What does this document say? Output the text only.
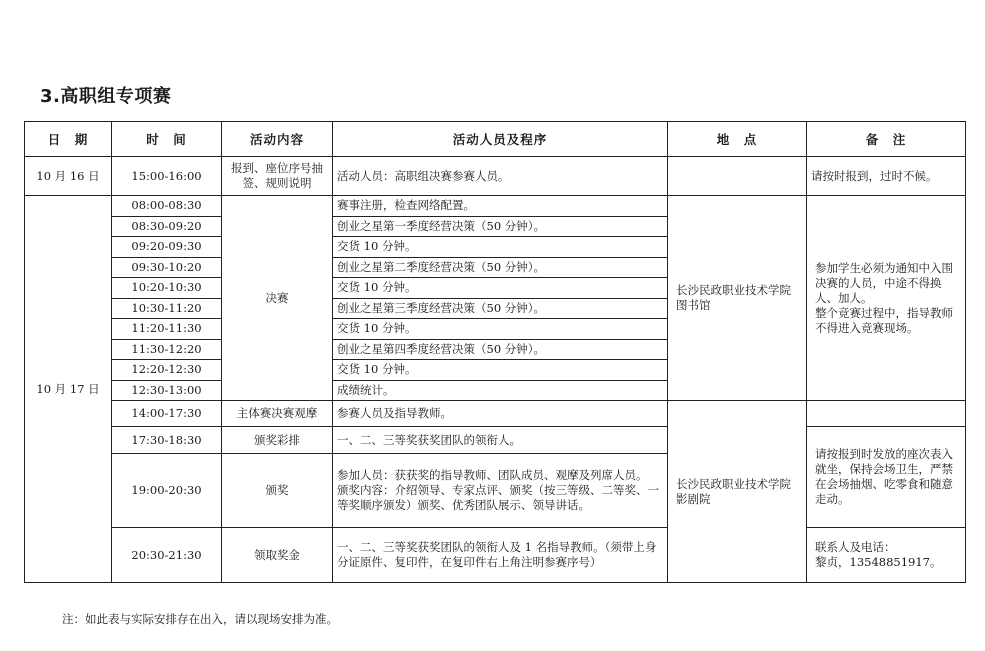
3.高职组专项赛
日　期	时　间	活动内容	活动人员及程序	地　点	备　注
10 月 16 日	15:00-16:00	报到、座位序号抽签、规则说明	活动人员：高职组决赛参赛人员。		请按时报到，过时不候。
10 月 17 日	08:00-08:30	决赛	赛事注册，检查网络配置。	长沙民政职业技术学院图书馆	参加学生必须为通知中入围决赛的人员，中途不得换人、加人。
整个竞赛过程中，指导教师不得进入竞赛现场。
	08:30-09:20		创业之星第一季度经营决策（50 分钟）。		
	09:20-09:30		交货 10 分钟。		
	09:30-10:20		创业之星第二季度经营决策（50 分钟）。		
	10:20-10:30		交货 10 分钟。		
	10:30-11:20		创业之星第三季度经营决策（50 分钟）。		
	11:20-11:30		交货 10 分钟。		
	11:30-12:20		创业之星第四季度经营决策（50 分钟）。		
	12:20-12:30		交货 10 分钟。		
	12:30-13:00		成绩统计。		
	14:00-17:30	主体赛决赛观摩	参赛人员及指导教师。	长沙民政职业技术学院影剧院	
	17:30-18:30	颁奖彩排	一、二、三等奖获奖团队的领衔人。		请按报到时发放的座次表入就坐，保持会场卫生，严禁在会场抽烟、吃零食和随意走动。
	19:00-20:30	颁奖	参加人员：获获奖的指导教师、团队成员、观摩及列席人员。
颁奖内容：介绍领导、专家点评、颁奖（按三等级、二等奖、一等奖顺序颁发）颁奖、优秀团队展示、领导讲话。		
	20:30-21:30	领取奖金	一、二、三等奖获奖团队的领衔人及 1 名指导教师。（须带上身分证原件、复印件，在复印件右上角注明参赛序号）		联系人及电话：
黎贞，13548851917。
注：如此表与实际安排存在出入，请以现场安排为准。
